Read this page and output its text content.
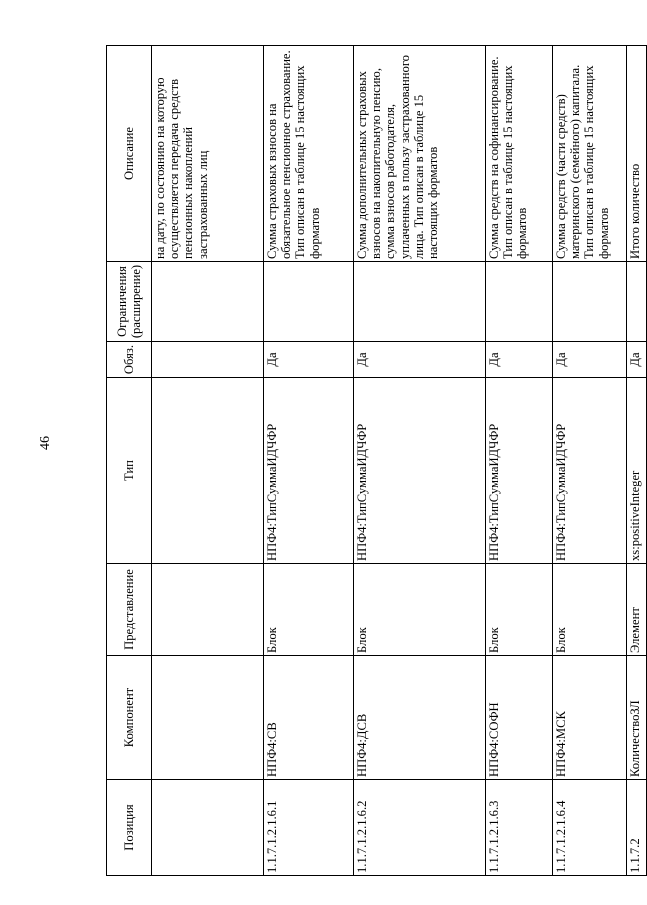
46
Позиция	Компонент	Представление	Тип	Обяз.	Ограничения (расширение)	Описание
						на дату, по состоянию на которую осуществляется передача средств пенсионных накоплений застрахованных лиц
1.1.7.1.2.1.6.1	НПФ4:СВ	Блок	НПФ4:ТипСуммаИДЧФР	Да		Сумма страховых взносов на обязательное пенсионное страхование. Тип описан в таблице 15 настоящих форматов
1.1.7.1.2.1.6.2	НПФ4:ДСВ	Блок	НПФ4:ТипСуммаИДЧФР	Да		Сумма дополнительных страховых взносов на накопительную пенсию, сумма взносов работодателя, уплаченных в пользу застрахованного лица. Тип описан в таблице 15 настоящих форматов
1.1.7.1.2.1.6.3	НПФ4:СОФН	Блок	НПФ4:ТипСуммаИДЧФР	Да		Сумма средств на софинансирование. Тип описан в таблице 15 настоящих форматов
1.1.7.1.2.1.6.4	НПФ4:МСК	Блок	НПФ4:ТипСуммаИДЧФР	Да		Сумма средств (части средств) материнского (семейного) капитала. Тип описан в таблице 15 настоящих форматов
1.1.7.2	КоличествоЗЛ	Элемент	xs:positiveInteger	Да		Итого количество
